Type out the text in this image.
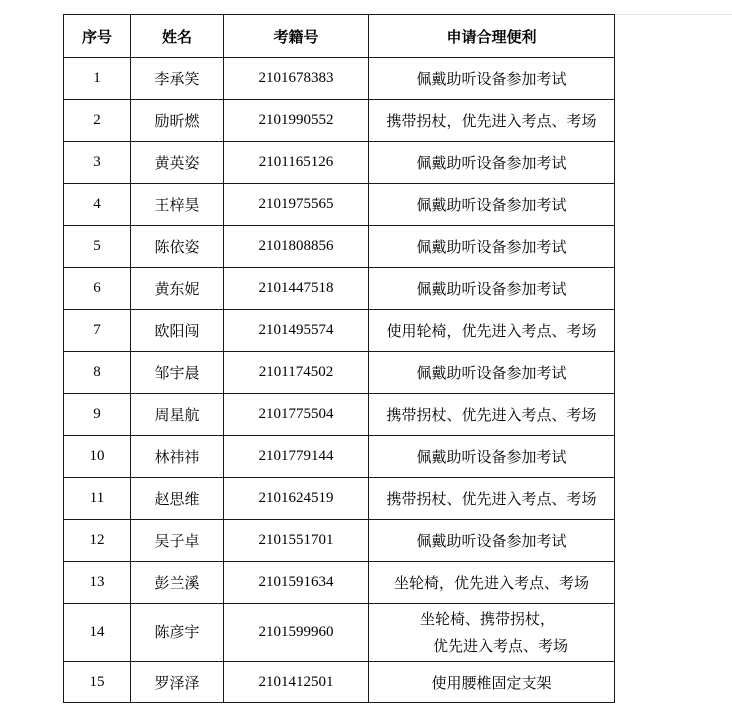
序号	姓名	考籍号	申请合理便利
1	李承笑	2101678383	佩戴助听设备参加考试
2	励昕燃	2101990552	携带拐杖，优先进入考点、考场
3	黄英姿	2101165126	佩戴助听设备参加考试
4	王梓昊	2101975565	佩戴助听设备参加考试
5	陈依姿	2101808856	佩戴助听设备参加考试
6	黄东妮	2101447518	佩戴助听设备参加考试
7	欧阳闯	2101495574	使用轮椅，优先进入考点、考场
8	邹宇晨	2101174502	佩戴助听设备参加考试
9	周星航	2101775504	携带拐杖、优先进入考点、考场
10	林祎祎	2101779144	佩戴助听设备参加考试
11	赵思维	2101624519	携带拐杖、优先进入考点、考场
12	吴子卓	2101551701	佩戴助听设备参加考试
13	彭兰溪	2101591634	坐轮椅，优先进入考点、考场
14	陈彦宇	2101599960	坐轮椅、携带拐杖，
优先进入考点、考场

15	罗泽泽	2101412501	使用腰椎固定支架
